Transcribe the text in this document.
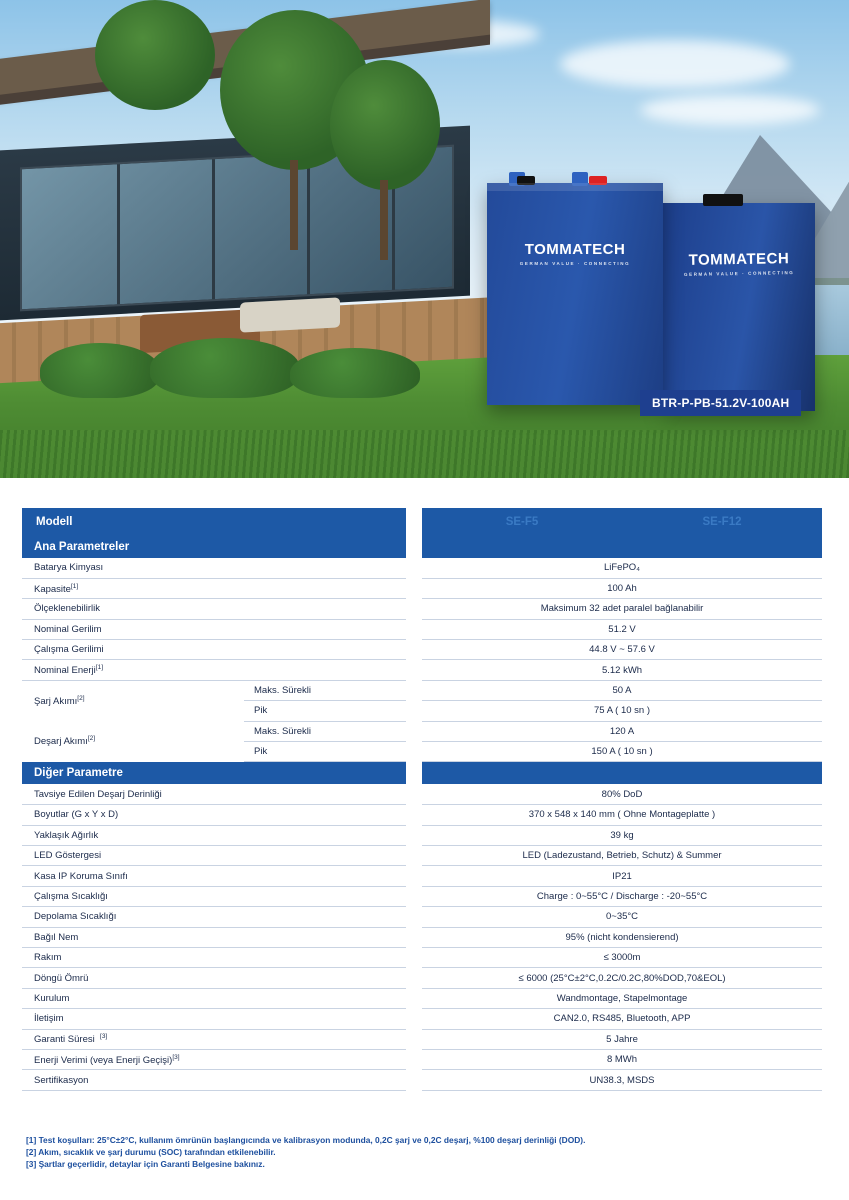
TOMMATECH
GERMAN VALUE · CONNECTING
TOMMATECH
GERMAN VALUE · CONNECTING
BTR-P-PB-51.2V-100AH
Modell			SE-F5	SE-F12
Ana Parametreler				
Batarya Kimyası			LiFePO₄	
Kapasite[1]			100 Ah	
Ölçeklenebilirlik			Maksimum 32 adet paralel bağlanabilir	
Nominal Gerilim			51.2 V	
Çalışma Gerilimi			44.8 V ~ 57.6 V	
Nominal Enerji[1]			5.12 kWh	
Şarj Akımı[2]	Maks. Sürekli		50 A	
	Pik		75 A ( 10 sn )	
Deşarj Akımı[2]	Maks. Sürekli		120 A	
	Pik		150 A ( 10 sn )	
Diğer Parametre				
Tavsiye Edilen Deşarj Derinliği			80% DoD	
Boyutlar (G x Y x D)			370 x 548 x 140 mm ( Ohne Montageplatte )	
Yaklaşık Ağırlık			39 kg	
LED Göstergesi			LED (Ladezustand, Betrieb, Schutz) & Summer	
Kasa IP Koruma Sınıfı			IP21	
Çalışma Sıcaklığı			Charge : 0~55°C / Discharge : -20~55°C	
Depolama Sıcaklığı			0~35°C	
Bağıl Nem			95% (nicht kondensierend)	
Rakım			≤ 3000m	
Döngü Ömrü			≤ 6000 (25°C±2°C,0.2C/0.2C,80%DOD,70&EOL)	
Kurulum			Wandmontage, Stapelmontage	
İletişim			CAN2.0, RS485, Bluetooth, APP	
Garanti Süresi [3]			5 Jahre	
Enerji Verimi (veya Enerji Geçişi)[3]			8 MWh	
Sertifikasyon			UN38.3, MSDS	
[1] Test koşulları: 25°C±2°C, kullanım ömrünün başlangıcında ve kalibrasyon modunda, 0,2C şarj ve 0,2C deşarj, %100 deşarj derinliği (DOD).
[2] Akım, sıcaklık ve şarj durumu (SOC) tarafından etkilenebilir.
[3] Şartlar geçerlidir, detaylar için Garanti Belgesine bakınız.
